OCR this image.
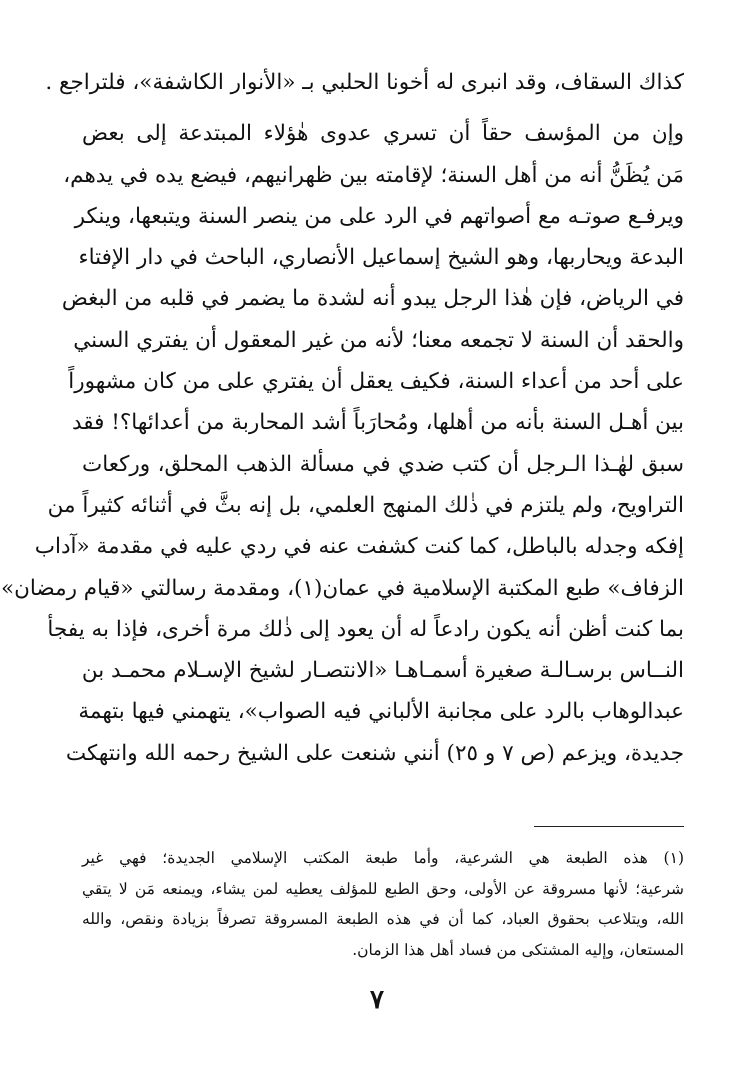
كذاك السقاف، وقد انبرى له أخونا الحلبي بـ «الأنوار الكاشفة»، فلتراجع .
وإن من المؤسف حقاً أن تسري عدوى هٰؤلاء المبتدعة إلى بعض
مَن يُظَنُّ أنه من أهل السنة؛ لإقامته بين ظهرانيهم، فيضع يده في يدهم،
ويرفـع صوتـه مع أصواتهم في الرد على من ينصر السنة ويتبعها، وينكر
البدعة ويحاربها، وهو الشيخ إسماعيل الأنصاري، الباحث في دار الإفتاء
في الرياض، فإن هٰذا الرجل يبدو أنه لشدة ما يضمر في قلبه من البغض
والحقد أن السنة لا تجمعه معنا؛ لأنه من غير المعقول أن يفتري السني
على أحد من أعداء السنة، فكيف يعقل أن يفتري على من كان مشهوراً
بين أهـل السنة بأنه من أهلها، ومُحارَباً أشد المحاربة من أعدائها؟! فقد
سبق لهٰـذا الـرجل أن كتب ضدي في مسألة الذهب المحلق، وركعات
التراويح، ولم يلتزم في ذٰلك المنهج العلمي، بل إنه بثَّ في أثنائه كثيراً من
إفكه وجدله بالباطل، كما كنت كشفت عنه في ردي عليه في مقدمة «آداب
الزفاف» طبع المكتبة الإسلامية في عمان(١)، ومقدمة رسالتي «قيام رمضان»
بما كنت أظن أنه يكون رادعاً له أن يعود إلى ذٰلك مرة أخرى، فإذا به يفجأ
النــاس برسـالـة صغيرة أسمـاهـا «الانتصـار لشيخ الإسـلام محمـد بن
عبدالوهاب بالرد على مجانبة الألباني فيه الصواب»، يتهمني فيها بتهمة
جديدة، ويزعم (ص ٧ و ٢٥) أنني شنعت على الشيخ رحمه الله وانتهكت
(١) هذه الطبعة هي الشرعية، وأما طبعة المكتب الإسلامي الجديدة؛ فهي غير
شرعية؛ لأنها مسروقة عن الأولى، وحق الطبع للمؤلف يعطيه لمن يشاء، ويمنعه مَن لا يتقي
الله، ويتلاعب بحقوق العباد، كما أن في هذه الطبعة المسروقة تصرفاً بزيادة ونقص، والله
المستعان، وإليه المشتكى من فساد أهل هذا الزمان.
٧
